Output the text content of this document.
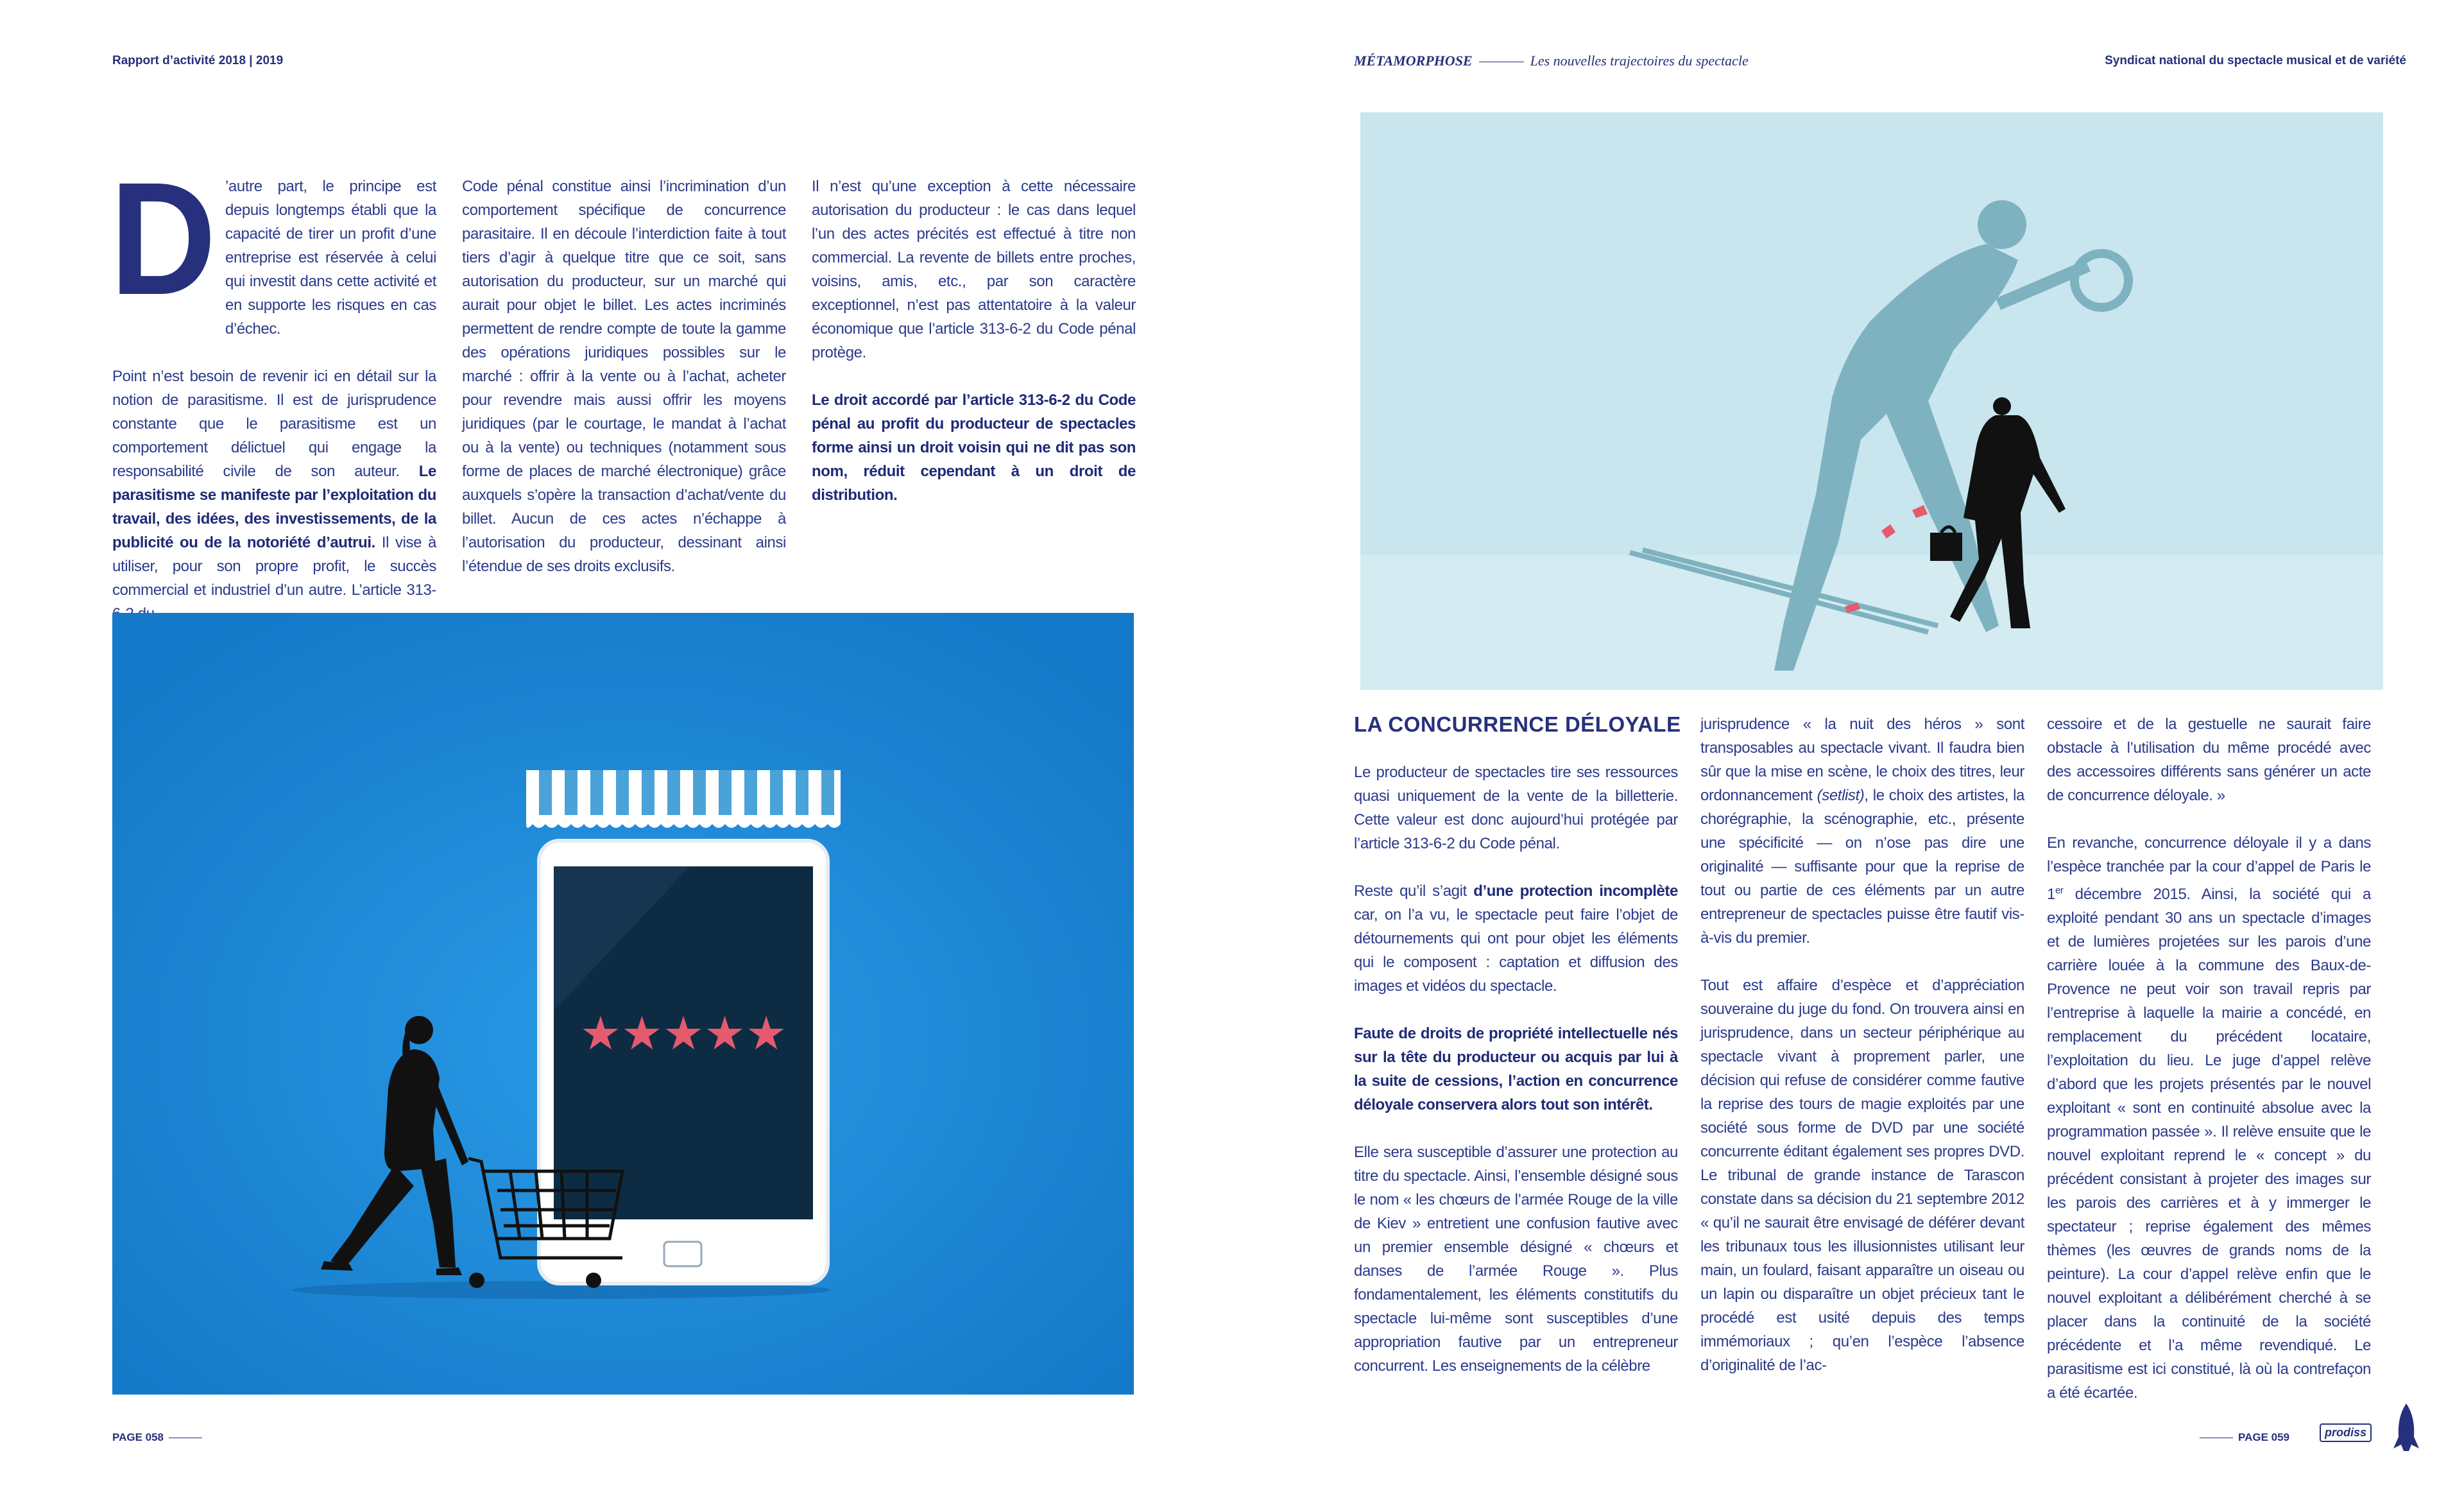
Rapport d’activité 2018 | 2019	MÉTAMORPHOSE	Les nouvelles trajectoires du spectacle	Syndicat national du spectacle musical et de variété
D ’autre part, le principe est depuis longtemps établi que la capacité de tirer un profit d’une entreprise est réservée à celui qui investit dans cette activité et en supporte les risques en cas d’échec.

Point n’est besoin de revenir ici en détail sur la notion de parasitisme. Il est de jurisprudence constante que le parasitisme est un comportement délictuel qui engage la responsabilité civile de son auteur. Le parasitisme se manifeste par l’exploitation du travail, des idées, des investissements, de la publicité ou de la notoriété d’autrui. Il vise à utiliser, pour son propre profit, le succès commercial et industriel d’un autre. L’article 313-

Code pénal constitue ainsi l’incrimination d’un comportement spécifique de concurrence parasitaire. Il en découle l’interdiction faite à tout tiers d’agir à quelque titre que ce soit, sans autorisation du producteur, sur un marché qui aurait pour objet le billet. Les actes incriminés permettent de rendre compte de toute la gamme des opérations juridiques possibles sur le marché : offrir à la vente ou à l’achat, acheter pour revendre mais aussi offrir les moyens juridiques (par le courtage, le mandat à l’achat ou à la vente) ou techniques (notamment sous forme de places de marché électronique) grâce auxquels s’opère la transaction d’achat/vente du billet. Aucun de ces actes n’échappe à l’autorisation du producteur, dessinant ainsi l’étendue de ses droits exclusifs.

Il n’est qu’une exception à cette nécessaire autorisation du producteur : le cas dans lequel l’un des actes précités est effectué à titre non commercial. La revente de billets entre proches, voisins, amis, etc., par son caractère exceptionnel, n’est pas attentatoire à la valeur économique que l’article 313-6-2 du Code pénal protège.

Le droit accordé par l’article 313-6-2 du Code pénal au profit du producteur de spectacles forme ainsi un droit voisin qui ne dit pas son nom, réduit cependant à un droit de distribution.

★★★★★
LA CONCURRENCE DÉLOYALE

Le producteur de spectacles tire ses ressources quasi uniquement de la vente de la billetterie. Cette valeur est donc aujourd’hui protégée par l’article 313-6-2 du Code pénal.

Reste qu’il s’agit d’une protection incomplète car, on l’a vu, le spectacle peut faire l’objet de détournements qui ont pour objet les éléments qui le composent : captation et diffusion des images et vidéos du spectacle.

Faute de droits de propriété intellectuelle nés sur la tête du producteur ou acquis par lui à la suite de cessions, l’action en concurrence déloyale conservera alors tout son intérêt.

Elle sera susceptible d’assurer une protection au titre du spectacle. Ainsi, l’ensemble désigné sous le nom « les chœurs de l’armée Rouge de la ville de Kiev » entretient une confusion fautive avec un premier ensemble désigné « chœurs et danses de l’armée Rouge ». Plus fondamentalement, les éléments constitutifs du spectacle lui-même sont susceptibles d’une appropriation fautive par un entrepreneur concurrent. Les enseignements de la célèbre

jurisprudence « la nuit des héros » sont transposables au spectacle vivant. Il faudra bien sûr que la mise en scène, le choix des titres, leur ordonnancement (setlist), le choix des artistes, la chorégraphie, la scénographie, etc., présente une spécificité — on n’ose pas dire une originalité — suffisante pour que la reprise de tout ou partie de ces éléments par un autre entrepreneur de spectacles puisse être fautif vis-à-vis du premier.

Tout est affaire d’espèce et d’appréciation souveraine du juge du fond. On trouvera ainsi en jurisprudence, dans un secteur périphérique au spectacle vivant à proprement parler, une décision qui refuse de considérer comme fautive la reprise des tours de magie exploités par une société sous forme de DVD par une société concurrente éditant également ses propres DVD. Le tribunal de grande instance de Tarascon constate dans sa décision du 21 septembre 2012 « qu’il ne saurait être envisagé de déférer devant les tribunaux tous les illusionnistes utilisant leur main, un foulard, faisant apparaître un oiseau ou un lapin ou disparaître un objet précieux tant le procédé est usité depuis des temps immémoriaux ; qu’en l’espèce l’absence d’originalité de l’ac-

cessoire et de la gestuelle ne saurait faire obstacle à l’utilisation du même procédé avec des accessoires différents sans générer un acte de concurrence déloyale. »

En revanche, concurrence déloyale il y a dans l’espèce tranchée par la cour d’appel de Paris le 1er décembre 2015. Ainsi, la société qui a exploité pendant 30 ans un spectacle d’images et de lumières projetées sur les parois d’une carrière louée à la commune des Baux-de-Provence ne peut voir son travail repris par l’entreprise à laquelle la mairie a concédé, en remplacement du précédent locataire, l’exploitation du lieu. Le juge d’appel relève d’abord que les projets présentés par le nouvel exploitant « sont en continuité absolue avec la programmation passée ». Il relève ensuite que le nouvel exploitant reprend le « concept » du précédent consistant à projeter des images sur les parois des carrières et à y immerger le spectateur ; reprise également des mêmes thèmes (les œuvres de grands noms de la peinture). La cour d’appel relève enfin que le nouvel exploitant a délibérément cherché à se placer dans la continuité de la société précédente et l’a même revendiqué. Le parasitisme est ici constitué, là où la contrefaçon a été écartée.

PAGE 058	PAGE 059	prodiss
